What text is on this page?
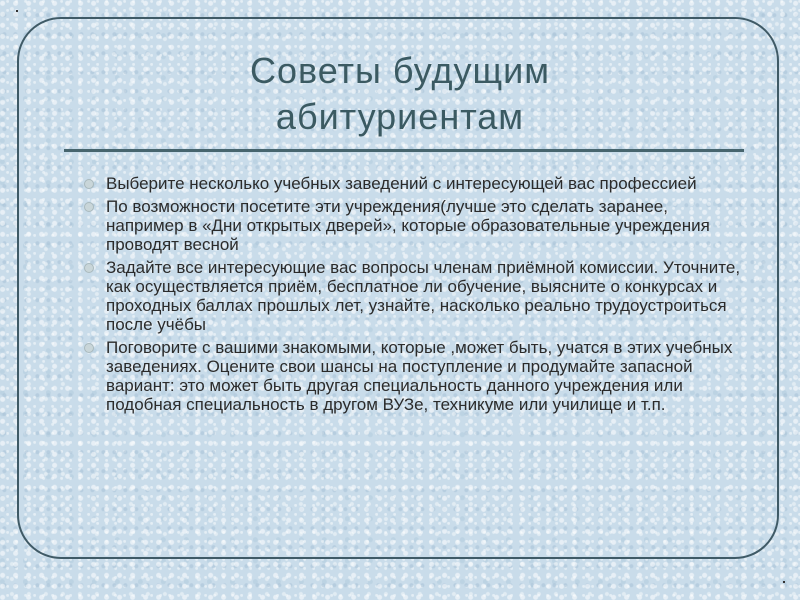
Советы будущим
абитуриентам
Выберите несколько учебных заведений с интересующей вас профессией
По возможности посетите эти учреждения(лучше это сделать заранее, например в «Дни открытых дверей», которые образовательные учреждения проводят весной
Задайте все интересующие вас вопросы членам приёмной комиссии. Уточните, как осуществляется приём, бесплатное ли обучение, выясните о конкурсах и проходных баллах прошлых лет, узнайте, насколько реально трудоустроиться после учёбы
Поговорите с вашими знакомыми, которые ,может быть, учатся в этих учебных заведениях. Оцените свои шансы на поступление и продумайте запасной вариант: это может быть другая специальность данного учреждения или подобная специальность в другом ВУЗе, техникуме или училище и т.п.
